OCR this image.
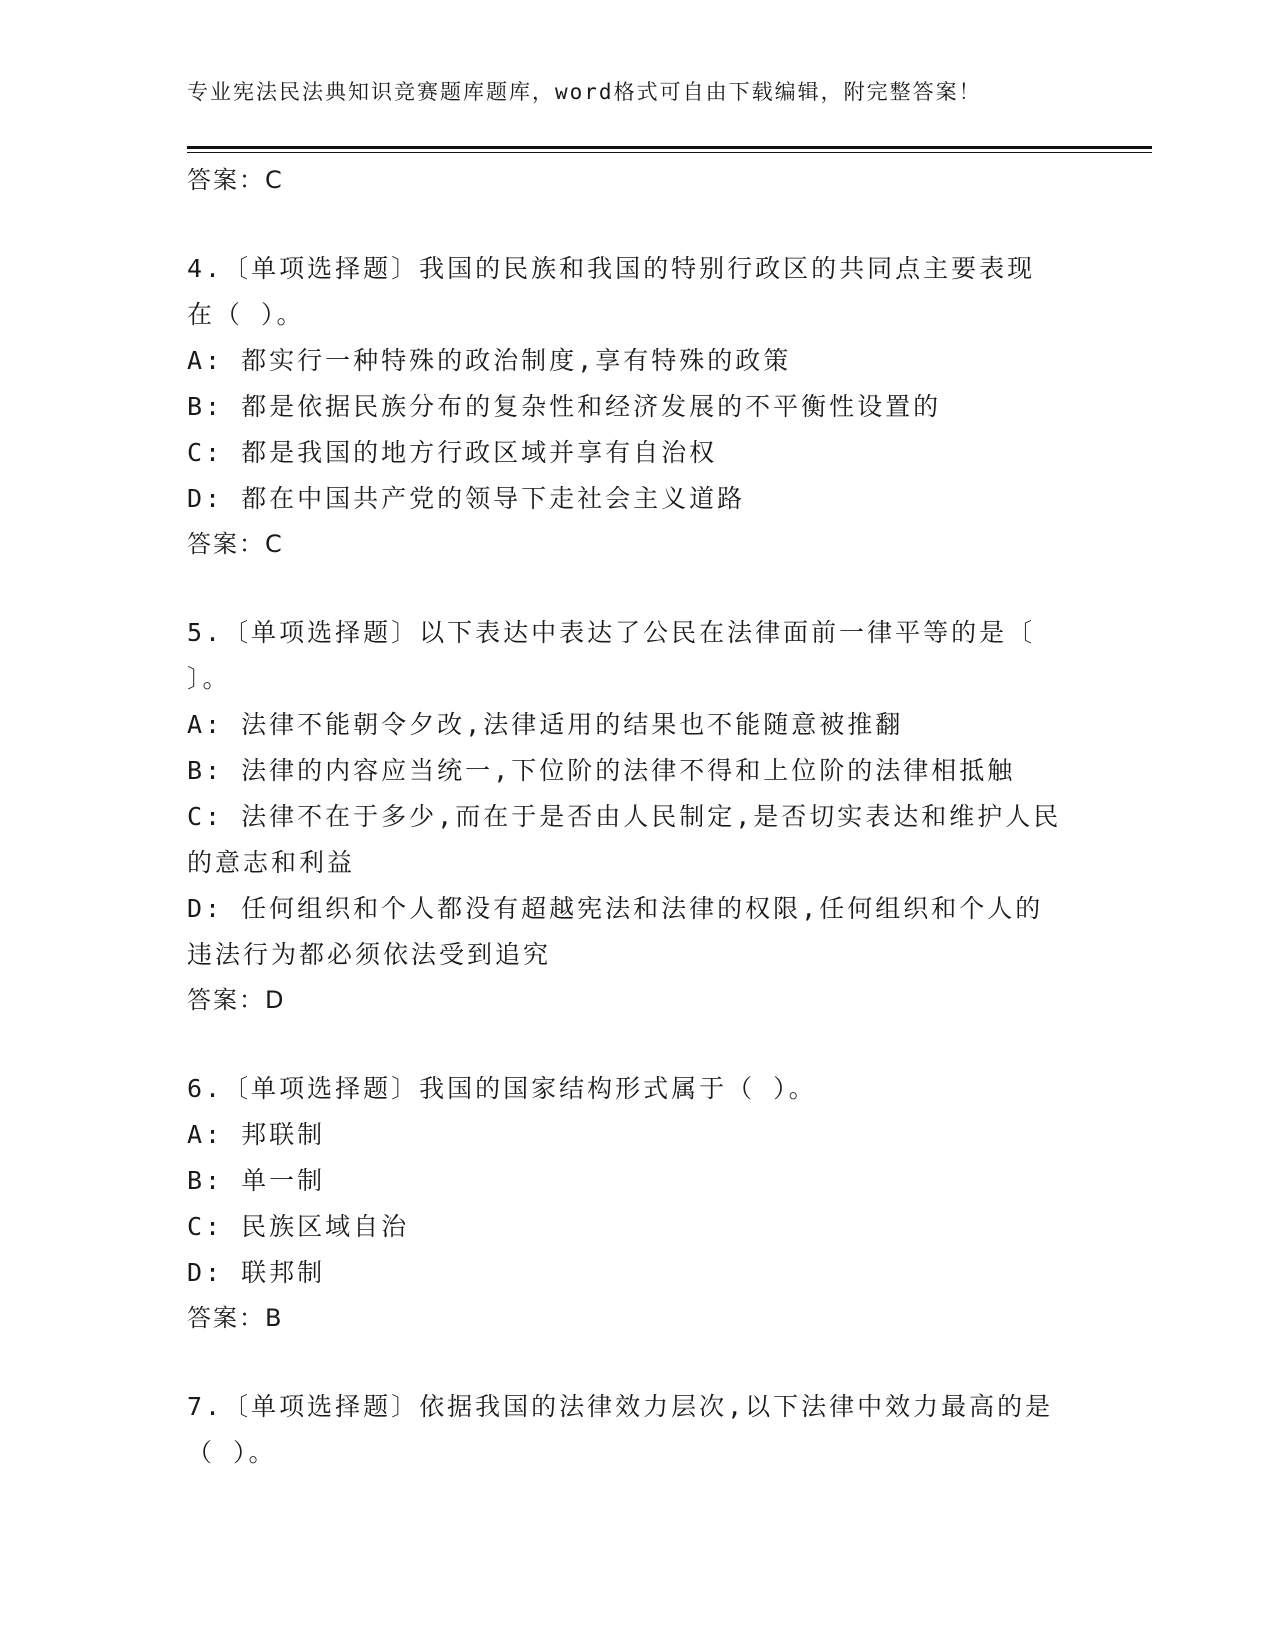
专业宪法民法典知识竞赛题库题库，word格式可自由下载编辑，附完整答案！
答案：C
4.〔单项选择题〕我国的民族和我国的特别行政区的共同点主要表现
在（ ）。
A: 都实行一种特殊的政治制度,享有特殊的政策
B: 都是依据民族分布的复杂性和经济发展的不平衡性设置的
C: 都是我国的地方行政区域并享有自治权
D: 都在中国共产党的领导下走社会主义道路
答案：C
5.〔单项选择题〕以下表达中表达了公民在法律面前一律平等的是〔
〕。
A: 法律不能朝令夕改,法律适用的结果也不能随意被推翻
B: 法律的内容应当统一,下位阶的法律不得和上位阶的法律相抵触
C: 法律不在于多少,而在于是否由人民制定,是否切实表达和维护人民
的意志和利益
D: 任何组织和个人都没有超越宪法和法律的权限,任何组织和个人的
违法行为都必须依法受到追究
答案：D
6.〔单项选择题〕我国的国家结构形式属于（ ）。
A: 邦联制
B: 单一制
C: 民族区域自治
D: 联邦制
答案：B
7.〔单项选择题〕依据我国的法律效力层次,以下法律中效力最高的是
（ ）。
